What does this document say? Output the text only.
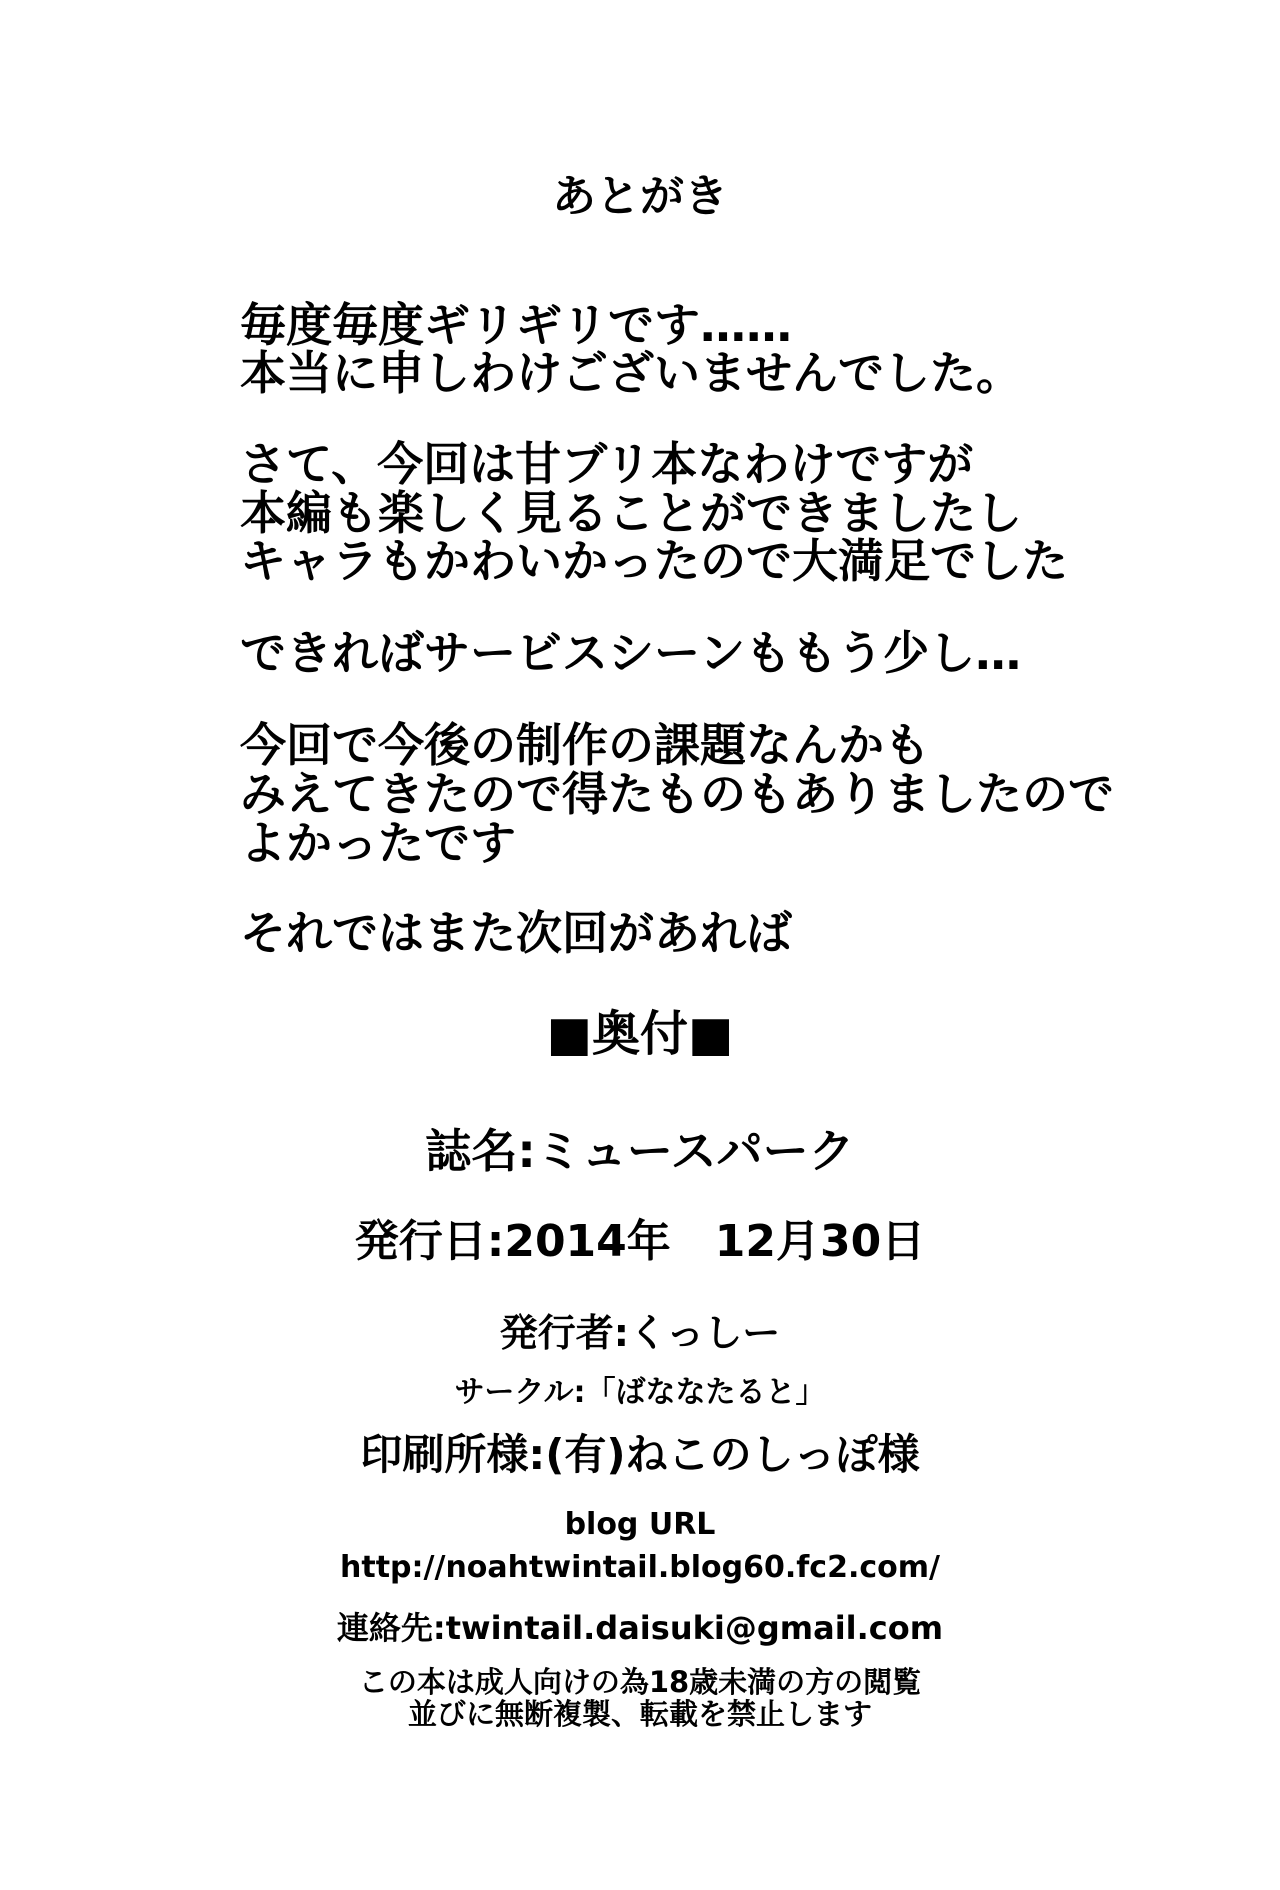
あとがき
毎度毎度ギリギリです……
本当に申しわけございませんでした。
さて、今回は甘ブリ本なわけですが
本編も楽しく見ることができましたし
キャラもかわいかったので大満足でした
できればサービスシーンももう少し…
今回で今後の制作の課題なんかも
みえてきたので得たものもありましたので
よかったです
それではまた次回があれば
■奥付■
誌名:ミュースパーク
発行日:2014年　12月30日
発行者:くっしー
サークル:「ばななたると」
印刷所様:(有)ねこのしっぽ様
blog URL
http://noahtwintail.blog60.fc2.com/
連絡先:twintail.daisuki@gmail.com
この本は成人向けの為18歳未満の方の閲覧
並びに無断複製、転載を禁止します
